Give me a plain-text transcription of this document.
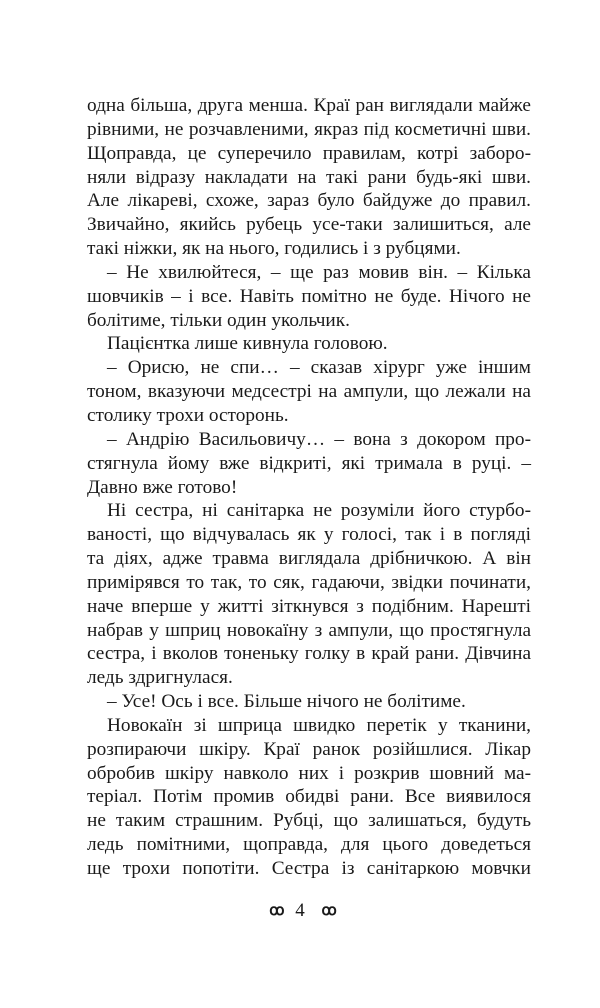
одна більша, друга менша. Краї ран виглядали майже
рівними, не розчавленими, якраз під косметичні шви.
Щоправда, це суперечило правилам, котрі заборо-
няли відразу накладати на такі рани будь-які шви.
Але лікареві, схоже, зараз було байдуже до правил.
Звичайно, якийсь рубець усе-таки залишиться, але
такі ніжки, як на нього, годились і з рубцями.
– Не хвилюйтеся, – ще раз мовив він. – Кілька
шовчиків – і все. Навіть помітно не буде. Нічого не
болітиме, тільки один укольчик.
Пацієнтка лише кивнула головою.
– Орисю, не спи… – сказав хірург уже іншим
тоном, вказуючи медсестрі на ампули, що лежали на
столику трохи осторонь.
– Андрію Васильовичу… – вона з докором про-
стягнула йому вже відкриті, які тримала в руці. –
Давно вже готово!
Ні сестра, ні санітарка не розуміли його стурбо-
ваності, що відчувалась як у голосі, так і в погляді
та діях, адже травма виглядала дрібничкою. А він
примірявся то так, то сяк, гадаючи, звідки починати,
наче вперше у житті зіткнувся з подібним. Нарешті
набрав у шприц новокаїну з ампули, що простягнула
сестра, і вколов тоненьку голку в край рани. Дівчина
ледь здригнулася.
– Усе! Ось і все. Більше нічого не болітиме.
Новокаїн зі шприца швидко перетік у тканини,
розпираючи шкіру. Краї ранок розійшлися. Лікар
обробив шкіру навколо них і розкрив шовний ма-
теріал. Потім промив обидві рани. Все виявилося
не таким страшним. Рубці, що залишаться, будуть
ледь помітними, щоправда, для цього доведеться
ще трохи попотіти. Сестра із санітаркою мовчки
ꝏ 4 ꝏ
